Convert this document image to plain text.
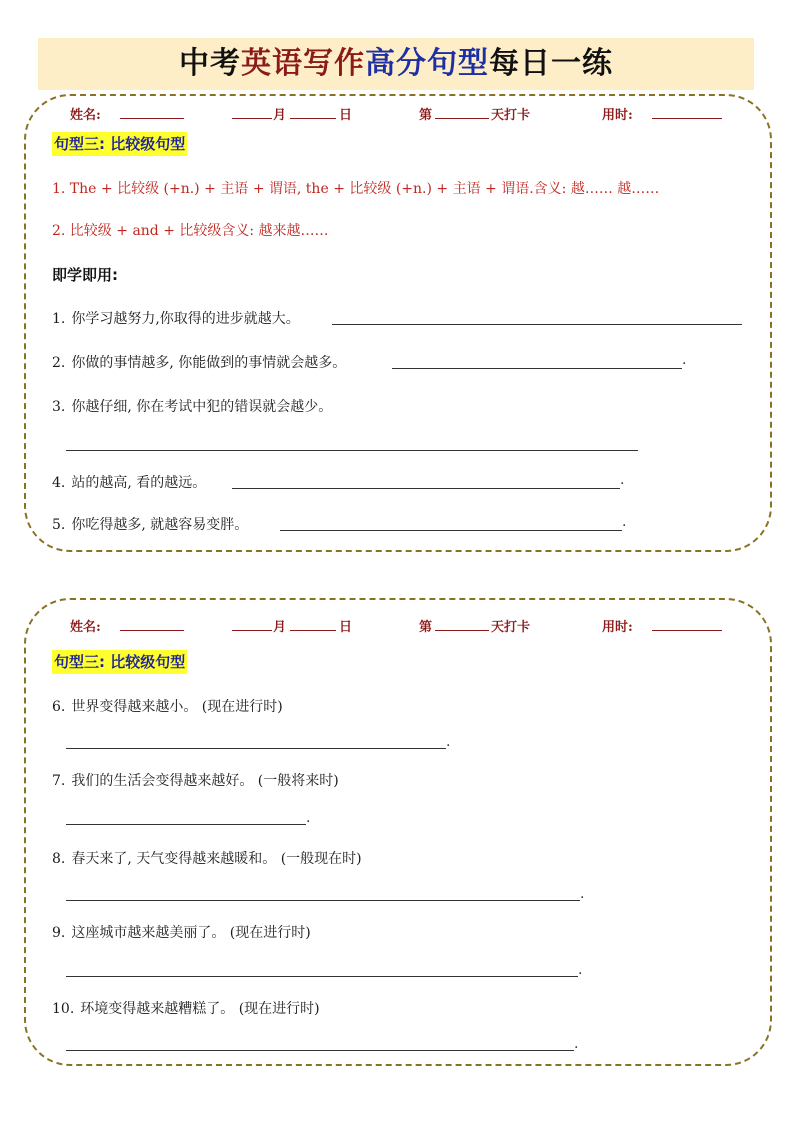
中考英语写作高分句型每日一练
姓名:	月	日	第	天打卡	用时:
句型三: 比较级句型
1. The + 比较级 (+n.) + 主语 + 谓语, the + 比较级 (+n.) + 主语 + 谓语.含义: 越…… 越……
2. 比较级 + and + 比较级含义: 越来越……
即学即用:
1. 你学习越努力,你取得的进步就越大。
2. 你做的事情越多, 你能做到的事情就会越多。	.
3. 你越仔细, 你在考试中犯的错误就会越少。
4. 站的越高, 看的越远。	.
5. 你吃得越多, 就越容易变胖。	.
姓名:	月	日	第	天打卡	用时:
句型三: 比较级句型
6. 世界变得越来越小。 (现在进行时)
.
7. 我们的生活会变得越来越好。 (一般将来时)
.
8. 春天来了, 天气变得越来越暖和。 (一般现在时)
.
9. 这座城市越来越美丽了。 (现在进行时)
.
10. 环境变得越来越糟糕了。 (现在进行时)
.
